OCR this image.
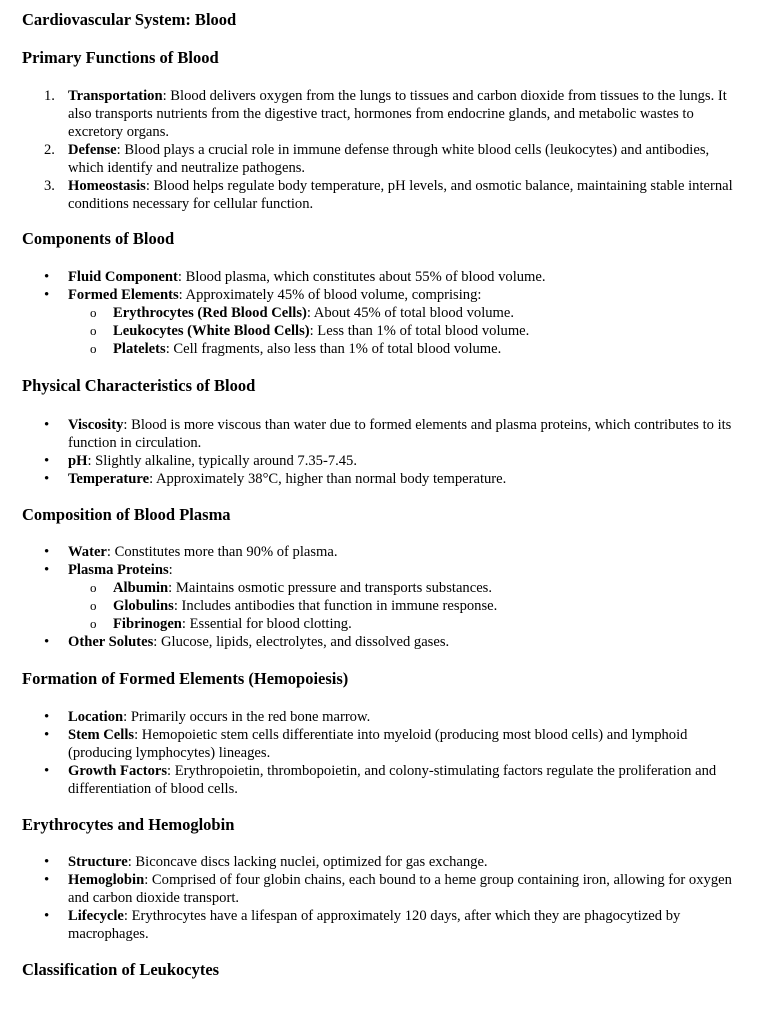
Cardiovascular System: Blood
Primary Functions of Blood
1. Transportation: Blood delivers oxygen from the lungs to tissues and carbon dioxide from tissues to the lungs. It also transports nutrients from the digestive tract, hormones from endocrine glands, and metabolic wastes to excretory organs.
2. Defense: Blood plays a crucial role in immune defense through white blood cells (leukocytes) and antibodies, which identify and neutralize pathogens.
3. Homeostasis: Blood helps regulate body temperature, pH levels, and osmotic balance, maintaining stable internal conditions necessary for cellular function.
Components of Blood
• Fluid Component: Blood plasma, which constitutes about 55% of blood volume.
• Formed Elements: Approximately 45% of blood volume, comprising:
o Erythrocytes (Red Blood Cells): About 45% of total blood volume.
o Leukocytes (White Blood Cells): Less than 1% of total blood volume.
o Platelets: Cell fragments, also less than 1% of total blood volume.
Physical Characteristics of Blood
• Viscosity: Blood is more viscous than water due to formed elements and plasma proteins, which contributes to its function in circulation.
• pH: Slightly alkaline, typically around 7.35-7.45.
• Temperature: Approximately 38°C, higher than normal body temperature.
Composition of Blood Plasma
• Water: Constitutes more than 90% of plasma.
• Plasma Proteins:
o Albumin: Maintains osmotic pressure and transports substances.
o Globulins: Includes antibodies that function in immune response.
o Fibrinogen: Essential for blood clotting.
• Other Solutes: Glucose, lipids, electrolytes, and dissolved gases.
Formation of Formed Elements (Hemopoiesis)
• Location: Primarily occurs in the red bone marrow.
• Stem Cells: Hemopoietic stem cells differentiate into myeloid (producing most blood cells) and lymphoid (producing lymphocytes) lineages.
• Growth Factors: Erythropoietin, thrombopoietin, and colony-stimulating factors regulate the proliferation and differentiation of blood cells.
Erythrocytes and Hemoglobin
• Structure: Biconcave discs lacking nuclei, optimized for gas exchange.
• Hemoglobin: Comprised of four globin chains, each bound to a heme group containing iron, allowing for oxygen and carbon dioxide transport.
• Lifecycle: Erythrocytes have a lifespan of approximately 120 days, after which they are phagocytized by macrophages.
Classification of Leukocytes
